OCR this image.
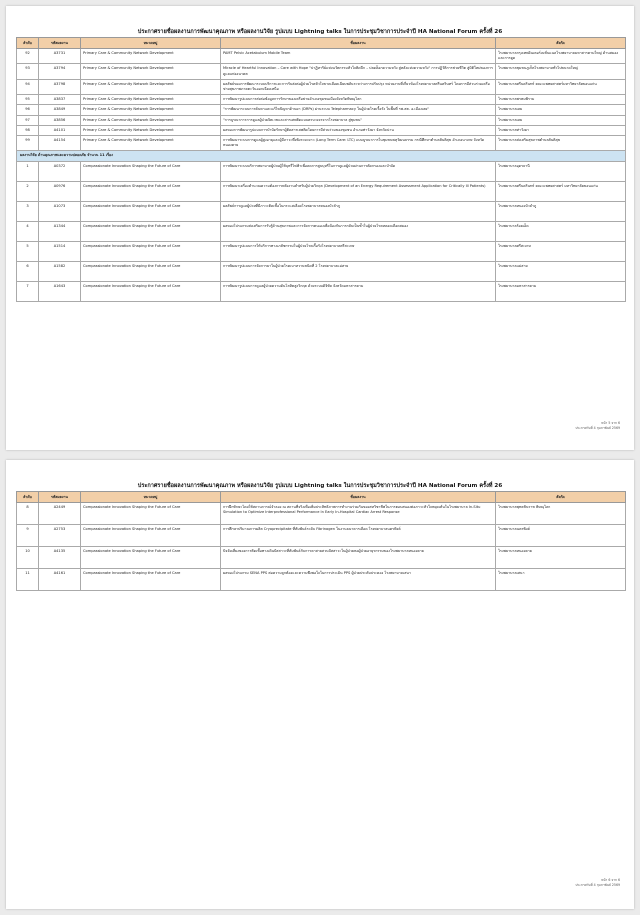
ประกาศรายชื่อผลงานการพัฒนาคุณภาพ หรือผลงานวิจัย รูปแบบ Lightning talks ในการประชุมวิชาการประจำปี HA National Forum ครั้งที่ 26
ลำดับ	รหัสผลงาน	หมวดหมู่	ชื่อผลงาน	สังกัด
92	A3731	Primary Care & Community Network Development	PAMT Pelvic Acetabulum Mobile Team	โรงพยาบาลกรุงเทพอินเตอร์เนชั่นแนลโรงพยาบาลมหาสารคามใหญ่ ด้านสมองและการดูด
93	A3794	Primary Care & Community Network Development	Miracle of Heartful Innovation – Care with Hope "ปาฏิหาริย์แห่งนวัตกรรมหัวใจติดปีก – ปลดล็อกความหวัง สู่หลังแห่งความหวัง" การปฏิวัติการช่วยชีวิต สู่มิติใหม่ของการดูแลแห่งอนาคต	โรงพยาบาลชุมชนภูเก็ตโรงพยาบาลทั่วไปขนาดใหญ่
94	A3798	Primary Care & Community Network Development	ผลลัพธ์ของการพัฒนาระบบบริการและการรับส่งต่อผู้ป่วยโรคหัวใจขาดเลือดเฉียบพลันระหว่างการปรับปรุง หน่วยงานที่เกี่ยวข้องโรงพยาบาลศรีนครินทร์ โดยการมีส่วนร่วมเครือข่ายสุขภาพภาคตะวันออกเฉียงเหนือ	โรงพยาบาลศรีนครินทร์ คณะแพทยศาสตร์มหาวิทยาลัยขอนแก่น
95	A3837	Primary Care & Community Network Development	การพัฒนารูปแบบการส่งต่อข้อมูลการรักษาของเครือข่ายอำเภอชุมชนเมืองจังหวัดพิษณุโลก	โรงพยาบาลพรหมพิราม
96	A3849	Primary Care & Community Network Development	"การพัฒนาระบบการค้นหาและแก้ไขปัญหาด้านยา (DRPs) ผ่านระบบ Telepharmacy ในผู้ป่วยโรคเรื้อรัง ในพื้นที่ รพ.สต. อ.เมืองเลย"	โรงพยาบาลเลย
97	A3856	Primary Care & Community Network Development	"การบูรณาการการดูแลผู้ป่วยจิตเวชและสารเสพติดแบบครบวงจรจากโรงพยาบาล สู่ชุมชน"	โรงพยาบาลเลย
98	A4101	Primary Care & Community Network Development	ผลของการพัฒนารูปแบบการบำบัดรักษาผู้ติดสารเสพติดโดยการมีส่วนร่วมของชุมชน อำเภอท่าวังผา จังหวัดน่าน	โรงพยาบาลท่าวังผา
99	A4154	Primary Care & Community Network Development	การพัฒนาระบบการดูแลผู้สูงอายุและผู้มีภาวะพึ่งพิงระยะยาว (Long Term Care: LTC) แบบบูรณาการในชุมชนพหุวัฒนธรรม กรณีศึกษาตำบลสันติสุข อำเภอนาเกษ จังหวัดหนองคาย	โรงพยาบาลส่งเสริมสุขภาพตำบลสันติสุข
ผลงานวิจัย ด้านคุณภาพและความปลอดภัย จำนวน 11 เรื่อง				
1	A0372	Compassionate Innovation Shaping the Future of Care	การพัฒนาระบบบริการพยาบาลผู้ป่วยผู้ใช้บุหรี่ไฟฟ้าเพื่อลดการสูบบุหรี่ในการดูแลผู้ป่วยผ่านการคัดกรองและบำบัด	โรงพยาบาลอุดรธานี
2	A0976	Compassionate Innovation Shaping the Future of Care	การพัฒนาเครื่องคำนวณความต้องการพลังงานสำหรับผู้ป่วยวิกฤต (Development of an Energy Requirement Assessment Application for Critically Ill Patients)	โรงพยาบาลศรีนครินทร์ คณะแพทยศาสตร์ มหาวิทยาลัยขอนแก่น
3	A1073	Compassionate Innovation Shaping the Future of Care	ผลลัพธ์การดูแลผู้ป่วยที่มีภาวะติดเชื้อในกระแสเลือดโรงพยาบาลหนองบัวลำภู	โรงพยาบาลหนองบัวลำภู
4	A1344	Compassionate Innovation Shaping the Future of Care	ผลของโปรแกรมส่งเสริมการรับรู้ด้านสุขภาพและการจัดการตนเองเพื่อป้องกันการกลับเป็นซ้ำในผู้ป่วยโรคหลอดเลือดสมอง	โรงพยาบาลร้อยเอ็ด
5	A1514	Compassionate Innovation Shaping the Future of Care	การพัฒนารูปแบบการให้บริการทางเภสัชกรรมในผู้ป่วยโรคเรื้อรังโรงพยาบาลศรีสะเกษ	โรงพยาบาลศรีสะเกษ
6	A1582	Compassionate Innovation Shaping the Future of Care	การพัฒนารูปแบบการจัดการยาในผู้ป่วยโรคเบาหวานชนิดที่ 2 โรงพยาบาลแม่สาย	โรงพยาบาลแม่สาย
7	A1643	Compassionate Innovation Shaping the Future of Care	การพัฒนารูปแบบการดูแลผู้ป่วยความดันโลหิตสูงวิกฤต ด้วยระบบดิจิทัล จังหวัดมหาสารคาม	โรงพยาบาลมหาสารคาม
หน้า 5 จาก 6
ประกาศวันที่ 4 กุมภาพันธ์ 2569
ประกาศรายชื่อผลงานการพัฒนาคุณภาพ หรือผลงานวิจัย รูปแบบ Lightning talks ในการประชุมวิชาการประจำปี HA National Forum ครั้งที่ 26
ลำดับ	รหัสผลงาน	หมวดหมู่	ชื่อผลงาน	สังกัด
8	A2449	Compassionate Innovation Shaping the Future of Care	การฝึกทักษะโดยใช้สถานการณ์จำลอง ณ สถานที่จริงเพื่อเพิ่มประสิทธิภาพการทำงานร่วมกันของสหวิชาชีพในการตอบสนองต่อภาวะหัวใจหยุดเต้นในโรงพยาบาล In-Situ Simulation to Optimize Interprofessional Performance In Early In-Hospital Cardiac Arrest Response	โรงพยาบาลพุทธชินราช พิษณุโลก
9	A2753	Compassionate Innovation Shaping the Future of Care	การศึกษาปริมาณการผลิต Cryoprecipitate ที่สัมพันธ์ระดับ Fibrinogen ในงานธนาคารเลือด โรงพยาบาลนครพิงค์	โรงพยาบาลนครพิงค์
10	A4135	Compassionate Innovation Shaping the Future of Care	ปัจจัยเสี่ยงของการติดเชื้อทางเดินปัสสาวะที่สัมพันธ์กับการคาสายสวนปัสสาวะในผู้ป่วยหอผู้ป่วยอายุรกรรมของโรงพยาบาลหนองคาย	โรงพยาบาลหนองคาย
11	A4161	Compassionate Innovation Shaping the Future of Care	ผลของโปรแกรม SENA PPS ต่อความถูกต้องและความพึงพอใจในการประเมิน PPS ผู้ป่วยประคับประคอง โรงพยาบาลเสนา	โรงพยาบาลเสนา
หน้า 6 จาก 6
ประกาศวันที่ 4 กุมภาพันธ์ 2569
